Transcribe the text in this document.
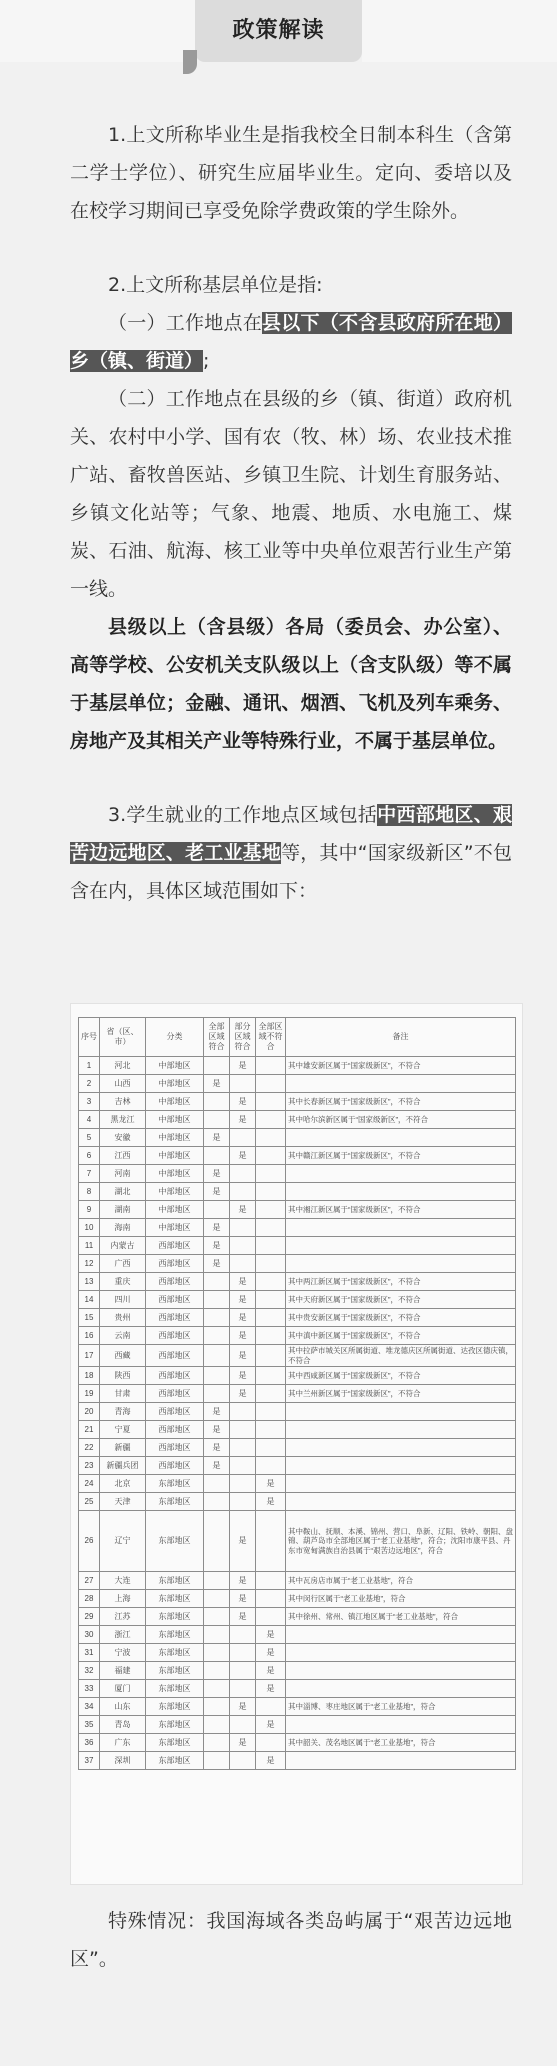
政策解读

1.上文所称毕业生是指我校全日制本科生（含第二学士学位）、研究生应届毕业生。定向、委培以及在校学习期间已享受免除学费政策的学生除外。

2.上文所称基层单位是指:

（一）工作地点在县以下（不含县政府所在地）乡（镇、街道）;

（二）工作地点在县级的乡（镇、街道）政府机关、农村中小学、国有农（牧、林）场、农业技术推广站、畜牧兽医站、乡镇卫生院、计划生育服务站、乡镇文化站等；气象、地震、地质、水电施工、煤炭、石油、航海、核工业等中央单位艰苦行业生产第一线。

县级以上（含县级）各局（委员会、办公室）、高等学校、公安机关支队级以上（含支队级）等不属于基层单位；金融、通讯、烟酒、飞机及列车乘务、房地产及其相关产业等特殊行业，不属于基层单位。

3.学生就业的工作地点区域包括中西部地区、艰苦边远地区、老工业基地等，其中“国家级新区”不包含在内，具体区域范围如下：

序号	省（区、市）	分类	全部区域符合	部分区域符合	全部区域不符合	备注
1	河北	中部地区		是		其中雄安新区属于“国家级新区”，不符合
2	山西	中部地区	是			
3	吉林	中部地区		是		其中长春新区属于“国家级新区”，不符合
4	黑龙江	中部地区		是		其中哈尔滨新区属于“国家级新区”，不符合
5	安徽	中部地区	是			
6	江西	中部地区		是		其中赣江新区属于“国家级新区”，不符合
7	河南	中部地区	是			
8	湖北	中部地区	是			
9	湖南	中部地区		是		其中湘江新区属于“国家级新区”，不符合
10	海南	中部地区	是			
11	内蒙古	西部地区	是			
12	广西	西部地区	是			
13	重庆	西部地区		是		其中两江新区属于“国家级新区”，不符合
14	四川	西部地区		是		其中天府新区属于“国家级新区”，不符合
15	贵州	西部地区		是		其中贵安新区属于“国家级新区”，不符合
16	云南	西部地区		是		其中滇中新区属于“国家级新区”，不符合
17	西藏	西部地区		是		其中拉萨市城关区所属街道、堆龙德庆区所属街道、达孜区德庆镇，不符合
18	陕西	西部地区		是		其中西咸新区属于“国家级新区”，不符合
19	甘肃	西部地区		是		其中兰州新区属于“国家级新区”，不符合
20	青海	西部地区	是			
21	宁夏	西部地区	是			
22	新疆	西部地区	是			
23	新疆兵团	西部地区	是			
24	北京	东部地区			是	
25	天津	东部地区			是	
26	辽宁	东部地区		是		其中鞍山、抚顺、本溪、锦州、营口、阜新、辽阳、铁岭、朝阳、盘锦、葫芦岛市全部地区属于“老工业基地”，符合；沈阳市康平县、丹东市宽甸满族自治县属于“艰苦边远地区”，符合
27	大连	东部地区		是		其中瓦房店市属于“老工业基地”，符合
28	上海	东部地区		是		其中闵行区属于“老工业基地”，符合
29	江苏	东部地区		是		其中徐州、常州、镇江地区属于“老工业基地”，符合
30	浙江	东部地区			是	
31	宁波	东部地区			是	
32	福建	东部地区			是	
33	厦门	东部地区			是	
34	山东	东部地区		是		其中淄博、枣庄地区属于“老工业基地”，符合
35	青岛	东部地区			是	
36	广东	东部地区		是		其中韶关、茂名地区属于“老工业基地”，符合
37	深圳	东部地区			是	

特殊情况：我国海域各类岛屿属于“艰苦边远地区”。
